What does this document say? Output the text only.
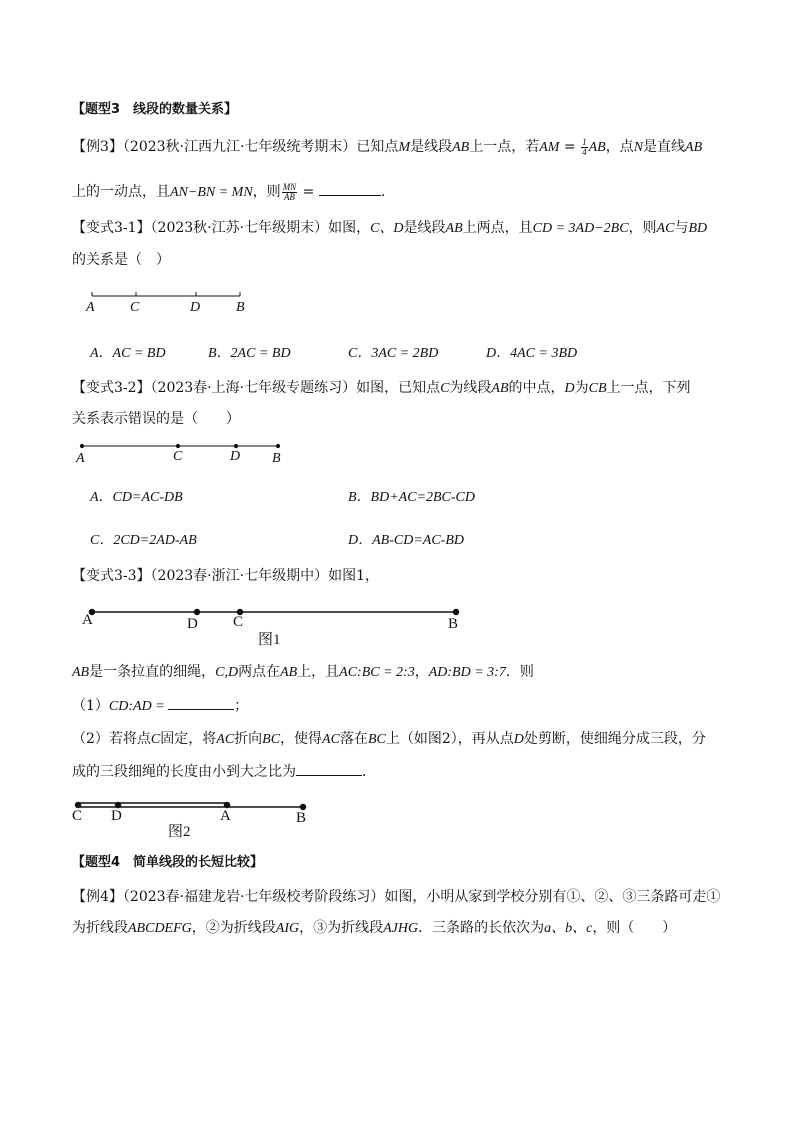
【题型3　线段的数量关系】
【例3】（2023秋·江西九江·七年级统考期末）已知点M是线段AB上一点，若AM = $\frac{1}{4}$ AB，点N是直线AB
上的一动点，且AN−BN = MN，则 $\frac{MN}{AB}$ =	.
【变式3-1】（2023秋·江苏·七年级期末）如图，C、D是线段AB上两点，且CD = 3AD−2BC，则AC与BD
的关系是（　）
A	C	D	B
A．AC = BD	B．2AC = BD	C．3AC = 2BD	D．4AC = 3BD
【变式3-2】（2023春·上海·七年级专题练习）如图，已知点C为线段AB的中点，D为CB上一点，下列
关系表示错误的是（　　）
A	C	D B
A．CD=AC-DB	B．BD+AC=2BC-CD
C．2CD=2AD-AB	D．AB-CD=AC-BD
【变式3-3】（2023春·浙江·七年级期中）如图1，
A	D C	B
图1
AB是一条拉直的细绳，C,D两点在AB上，且AC:BC = 2:3，AD:BD = 3:7．则
（1）CD:AD =	；
（2）若将点C固定，将AC折向BC，使得AC落在BC上（如图2），再从点D处剪断，使细绳分成三段，分
成的三段细绳的长度由小到大之比为	．
C D	A	B
图2
【题型4　简单线段的长短比较】
【例4】（2023春·福建龙岩·七年级校考阶段练习）如图，小明从家到学校分别有①、②、③三条路可走①
为折线段ABCDEFG，②为折线段AIG，③为折线段AJHG．三条路的长依次为a、b、c，则（　　）
